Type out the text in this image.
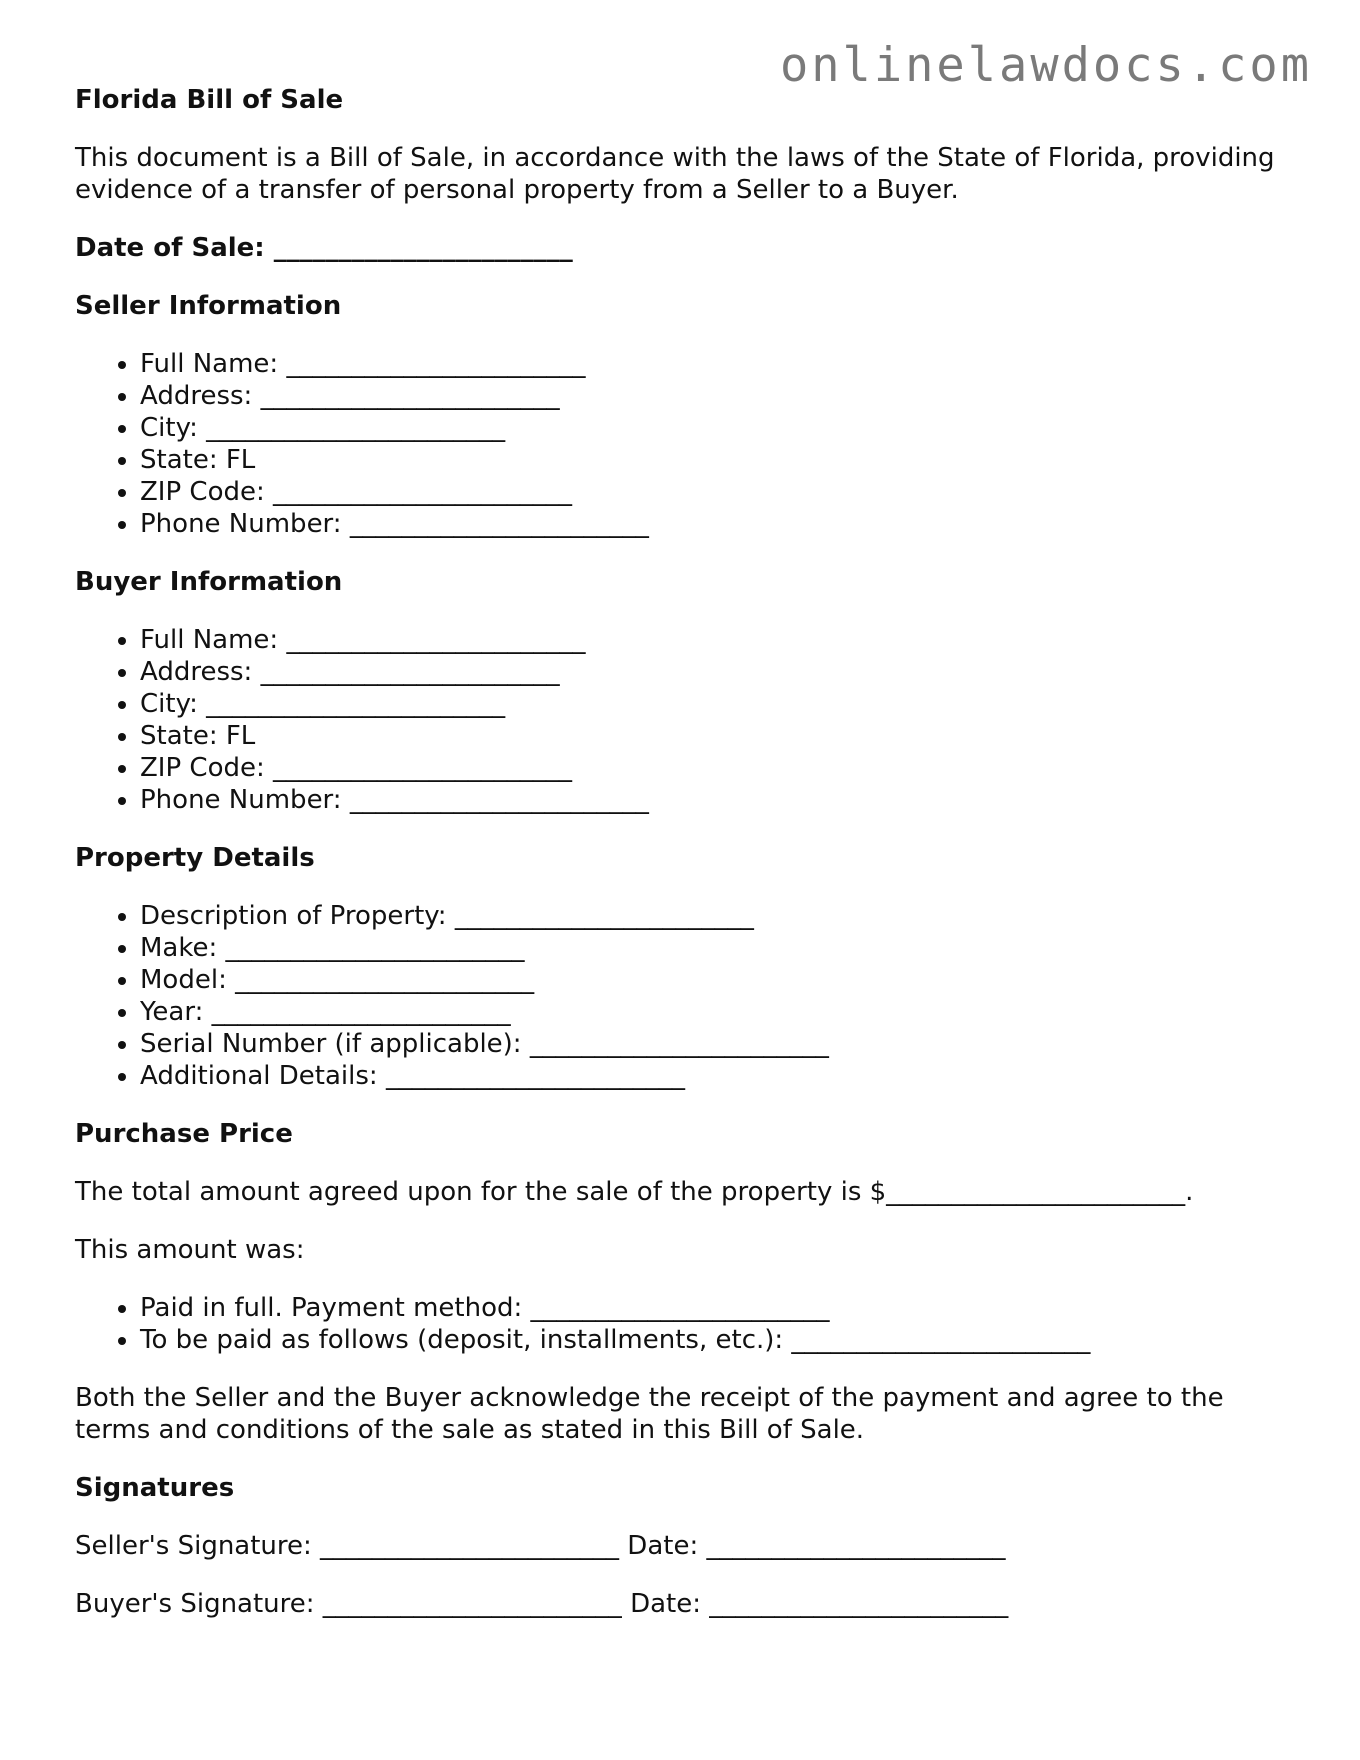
onlinelawdocs.com
Florida Bill of Sale

This document is a Bill of Sale, in accordance with the laws of the State of Florida, providing evidence of a transfer of personal property from a Seller to a Buyer.

Date of Sale: _______________________

Seller Information
• Full Name: _______________________
• Address: _______________________
• City: _______________________
• State: FL
• ZIP Code: _______________________
• Phone Number: _______________________
Buyer Information
• Full Name: _______________________
• Address: _______________________
• City: _______________________
• State: FL
• ZIP Code: _______________________
• Phone Number: _______________________
Property Details
• Description of Property: _______________________
• Make: _______________________
• Model: _______________________
• Year: _______________________
• Serial Number (if applicable): _______________________
• Additional Details: _______________________
Purchase Price

The total amount agreed upon for the sale of the property is $_______________________.

This amount was:

• Paid in full. Payment method: _______________________
• To be paid as follows (deposit, installments, etc.): _______________________

Both the Seller and the Buyer acknowledge the receipt of the payment and agree to the terms and conditions of the sale as stated in this Bill of Sale.

Signatures
Seller's Signature: _______________________ Date: _______________________
Buyer's Signature: _______________________ Date: _______________________
